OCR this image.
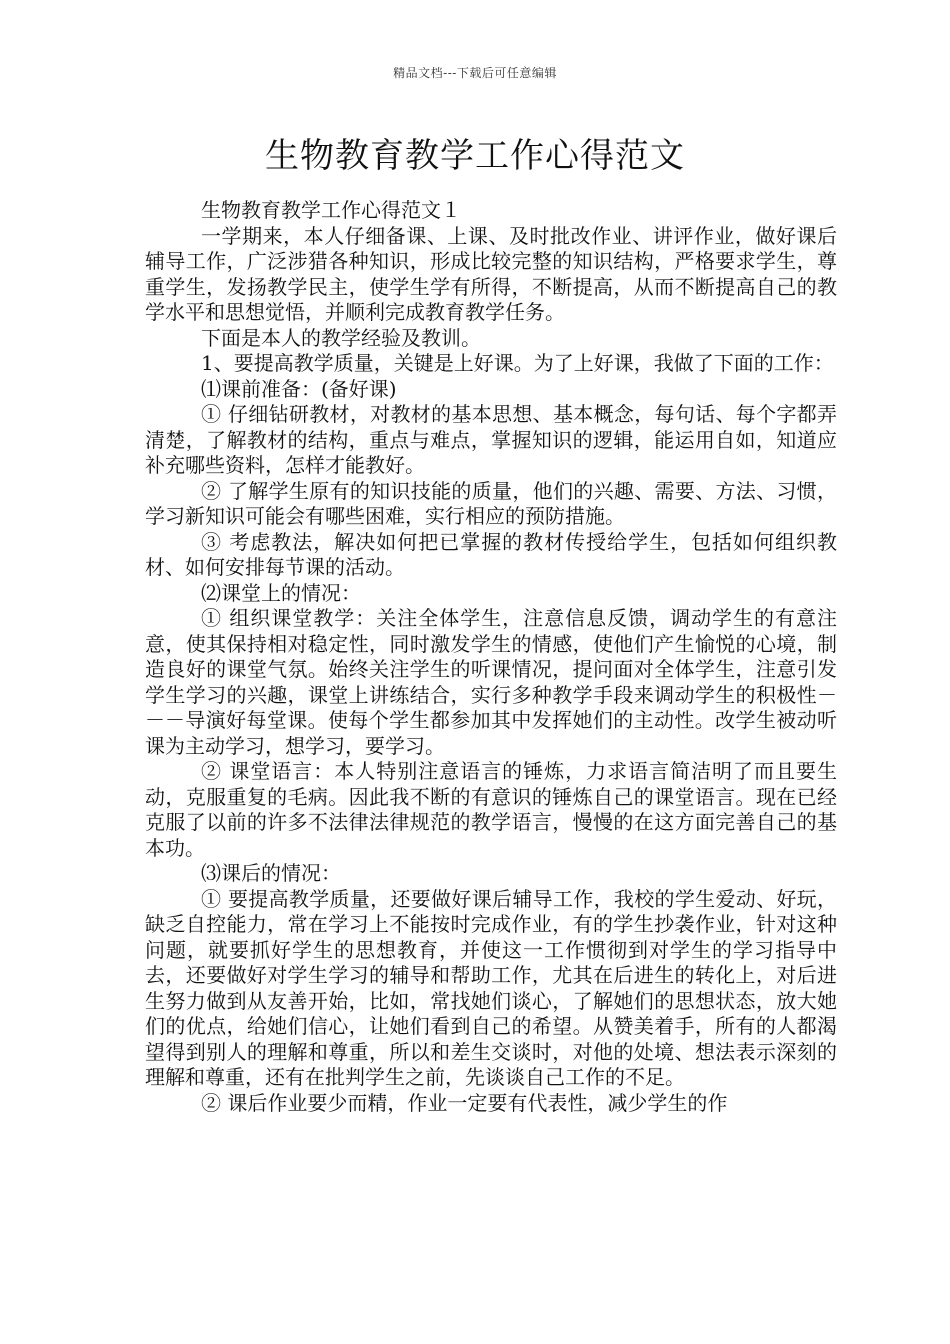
精品文档---下载后可任意编辑
生物教育教学工作心得范文

生物教育教学工作心得范文１

一学期来，本人仔细备课、上课、及时批改作业、讲评作业，做好课后辅导工作，广泛涉猎各种知识，形成比较完整的知识结构，严格要求学生，尊重学生，发扬教学民主，使学生学有所得，不断提高，从而不断提高自己的教学水平和思想觉悟，并顺利完成教育教学任务。

下面是本人的教学经验及教训。

1、要提高教学质量，关键是上好课。为了上好课，我做了下面的工作：

⑴课前准备：(备好课)

① 仔细钻研教材，对教材的基本思想、基本概念，每句话、每个字都弄清楚，了解教材的结构，重点与难点，掌握知识的逻辑，能运用自如，知道应补充哪些资料，怎样才能教好。

② 了解学生原有的知识技能的质量，他们的兴趣、需要、方法、习惯，学习新知识可能会有哪些困难，实行相应的预防措施。

③ 考虑教法，解决如何把已掌握的教材传授给学生，包括如何组织教材、如何安排每节课的活动。

⑵课堂上的情况：

① 组织课堂教学：关注全体学生，注意信息反馈，调动学生的有意注意，使其保持相对稳定性，同时激发学生的情感，使他们产生愉悦的心境，制造良好的课堂气氛。始终关注学生的听课情况，提问面对全体学生，注意引发学生学习的兴趣，课堂上讲练结合，实行多种教学手段来调动学生的积极性－－－导演好每堂课。使每个学生都参加其中发挥她们的主动性。改学生被动听课为主动学习，想学习，要学习。

② 课堂语言：本人特别注意语言的锤炼，力求语言简洁明了而且要生动，克服重复的毛病。因此我不断的有意识的锤炼自己的课堂语言。现在已经克服了以前的许多不法律法律规范的教学语言，慢慢的在这方面完善自己的基本功。

⑶课后的情况：

① 要提高教学质量，还要做好课后辅导工作，我校的学生爱动、好玩，缺乏自控能力，常在学习上不能按时完成作业，有的学生抄袭作业，针对这种问题，就要抓好学生的思想教育，并使这一工作惯彻到对学生的学习指导中去，还要做好对学生学习的辅导和帮助工作，尤其在后进生的转化上，对后进生努力做到从友善开始，比如，常找她们谈心，了解她们的思想状态，放大她们的优点，给她们信心，让她们看到自己的希望。从赞美着手，所有的人都渴望得到别人的理解和尊重，所以和差生交谈时，对他的处境、想法表示深刻的理解和尊重，还有在批判学生之前，先谈谈自己工作的不足。

② 课后作业要少而精，作业一定要有代表性，减少学生的作
